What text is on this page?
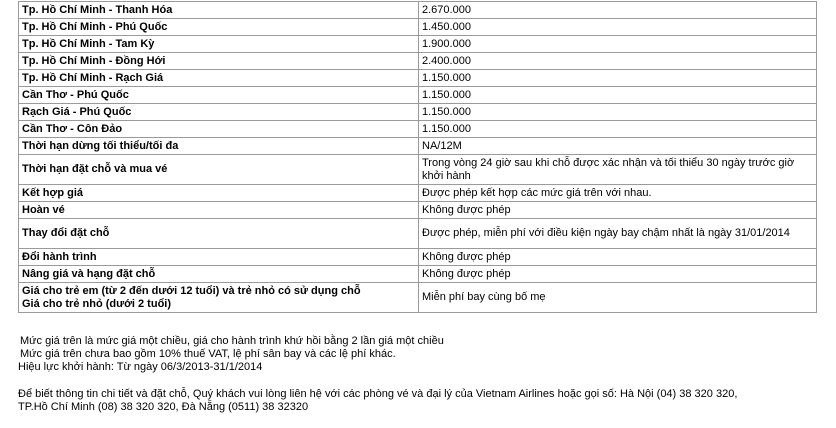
Tp. Hồ Chí Minh - Thanh Hóa	2.670.000
Tp. Hồ Chí Minh - Phú Quốc	1.450.000
Tp. Hồ Chí Minh - Tam Kỳ	1.900.000
Tp. Hồ Chí Minh - Đồng Hới	2.400.000
Tp. Hồ Chí Minh - Rạch Giá	1.150.000
Cần Thơ - Phú Quốc	1.150.000
Rạch Giá - Phú Quốc	1.150.000
Cần Thơ - Côn Đảo	1.150.000
Thời hạn dừng tối thiểu/tối đa	NA/12M
Thời hạn đặt chỗ và mua vé	Trong vòng 24 giờ sau khi chỗ được xác nhận và tối thiểu 30 ngày trước giờ khởi hành
Kết hợp giá	Được phép kết hợp các mức giá trên với nhau.
Hoàn vé	Không được phép
Thay đổi đặt chỗ	Được phép, miễn phí với điều kiện ngày bay chậm nhất là ngày 31/01/2014
Đổi hành trình	Không được phép
Nâng giá và hạng đặt chỗ	Không được phép

Giá cho trẻ em (từ 2 đến dưới 12 tuổi) và trẻ nhỏ có sử dụng chỗ
Giá cho trẻ nhỏ (dưới 2 tuổi)	Miễn phí bay cùng bố mẹ

Mức giá trên là mức giá một chiều, giá cho hành trình khứ hồi bằng 2 lần giá một chiều

Mức giá trên chưa bao gồm 10% thuế VAT, lệ phí sân bay và các lệ phí khác.

Hiệu lực khởi hành: Từ ngày 06/3/2013-31/1/2014

Để biết thông tin chi tiết và đặt chỗ, Quý khách vui lòng liên hệ với các phòng vé và đại lý của Vietnam Airlines hoặc gọi số: Hà Nội (04) 38 320 320,

TP.Hồ Chí Minh (08) 38 320 320, Đà Nẵng (0511) 38 32320
